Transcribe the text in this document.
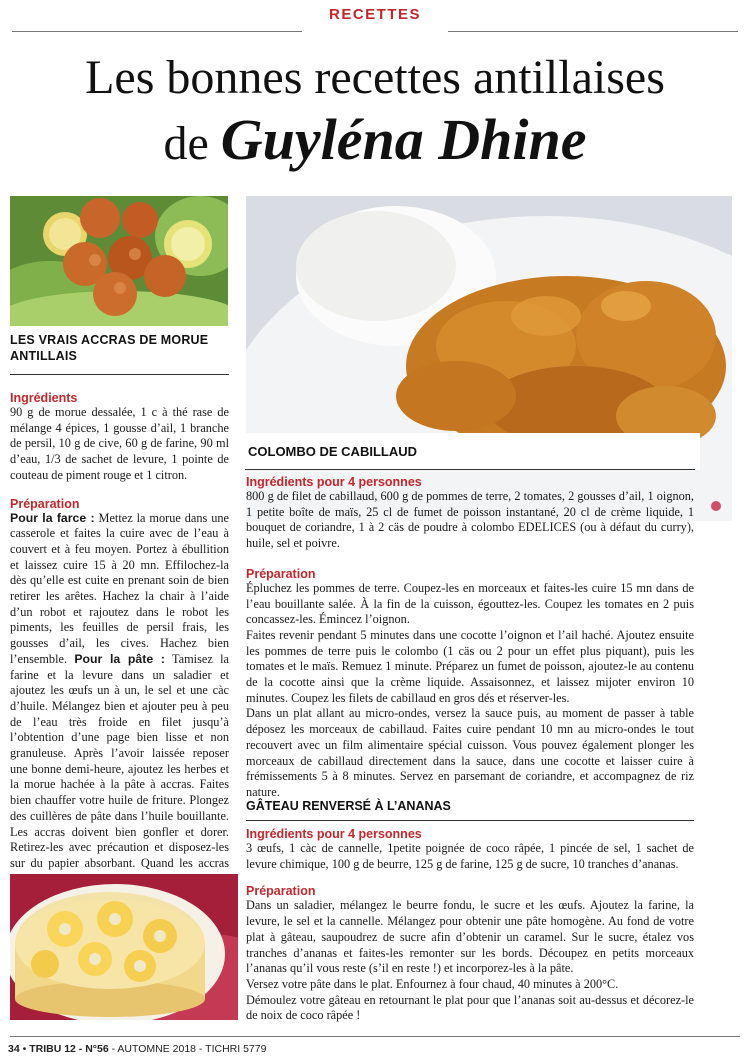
RECETTES
Les bonnes recettes antillaises
de Guyléna Dhine
LES VRAIS ACCRAS DE MORUE ANTILLAIS
Ingrédients

90 g de morue dessalée, 1 c à thé rase de mélange 4 épices, 1 gousse d’ail, 1 branche de persil, 10 g de cive, 60 g de farine, 90 ml d’eau, 1/3 de sachet de levure, 1 pointe de couteau de piment rouge et 1 citron.

Préparation

Pour la farce : Mettez la morue dans une casserole et faites la cuire avec de l’eau à couvert et à feu moyen. Portez à ébullition et laissez cuire 15 à 20 mn. Effilochez-la dès qu’elle est cuite en prenant soin de bien retirer les arêtes. Hachez la chair à l’aide d’un robot et rajoutez dans le robot les piments, les feuilles de persil frais, les gousses d’ail, les cives. Hachez bien l’ensemble. Pour la pâte : Tamisez la farine et la levure dans un saladier et ajoutez les œufs un à un, le sel et une càc d’huile. Mélangez bien et ajouter peu à peu de l’eau très froide en filet jusqu’à l’obtention d’une page bien lisse et non granuleuse. Après l’avoir laissée reposer une bonne demi-heure, ajoutez les herbes et la morue hachée à la pâte à accras. Faites bien chauffer votre huile de friture. Plongez des cuillères de pâte dans l’huile bouillante. Les accras doivent bien gonfler et dorer. Retirez-les avec précaution et disposez-les sur du papier absorbant. Quand les accras

COLOMBO DE CABILLAUD
Ingrédients pour 4 personnes

800 g de filet de cabillaud, 600 g de pommes de terre, 2 tomates, 2 gousses d’ail, 1 oignon, 1 petite boîte de maïs, 25 cl de fumet de poisson instantané, 20 cl de crème liquide, 1 bouquet de coriandre, 1 à 2 cäs de poudre à colombo EDELICES (ou à défaut du curry), huile, sel et poivre.

Préparation

Épluchez les pommes de terre. Coupez-les en morceaux et faites-les cuire 15 mn dans de l’eau bouillante salée. À la fin de la cuisson, égouttez-les. Coupez les tomates en 2 puis concassez-les. Émincez l’oignon.

Faites revenir pendant 5 minutes dans une cocotte l’oignon et l’ail haché. Ajoutez ensuite les pommes de terre puis le colombo (1 cäs ou 2 pour un effet plus piquant), puis les tomates et le maïs. Remuez 1 minute. Préparez un fumet de poisson, ajoutez-le au contenu de la cocotte ainsi que la crème liquide. Assaisonnez, et laissez mijoter environ 10 minutes. Coupez les filets de cabillaud en gros dés et réserver-les.

Dans un plat allant au micro-ondes, versez la sauce puis, au moment de passer à table déposez les morceaux de cabillaud. Faites cuire pendant 10 mn au micro-ondes le tout recouvert avec un film alimentaire spécial cuisson. Vous pouvez également plonger les morceaux de cabillaud directement dans la sauce, dans une cocotte et laisser cuire à frémissements 5 à 8 minutes. Servez en parsemant de coriandre, et accompagnez de riz nature.

GÂTEAU RENVERSÉ À L’ANANAS
Ingrédients pour 4 personnes

3 œufs, 1 càc de cannelle, 1petite poignée de coco râpée, 1 pincée de sel, 1 sachet de levure chimique, 100 g de beurre, 125 g de farine, 125 g de sucre, 10 tranches d’ananas.

Préparation

Dans un saladier, mélangez le beurre fondu, le sucre et les œufs. Ajoutez la farine, la levure, le sel et la cannelle. Mélangez pour obtenir une pâte homogène. Au fond de votre plat à gâteau, saupoudrez de sucre afin d’obtenir un caramel. Sur le sucre, étalez vos tranches d’ananas et faites-les remonter sur les bords. Découpez en petits morceaux l’ananas qu’il vous reste (s’il en reste !) et incorporez-les à la pâte.

Versez votre pâte dans le plat. Enfournez à four chaud, 40 minutes à 200°C.

Démoulez votre gâteau en retournant le plat pour que l’ananas soit au-dessus et décorez-le de noix de coco râpée !

34 • TRIBU 12 - N°56 - AUTOMNE 2018 - TICHRI 5779
